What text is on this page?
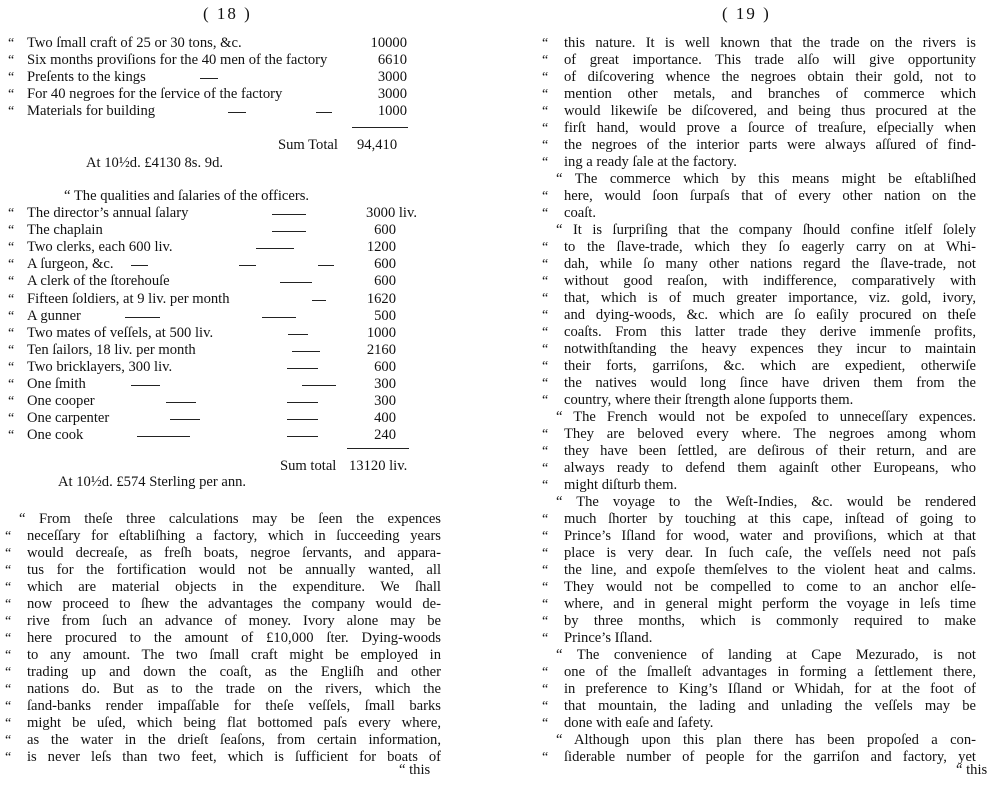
( 18 )
“ Two ſmall craft of 25 or 30 tons, &c.	10000
“ Six months proviſions for the 40 men of the factory	6610
“ Preſents to the kings	3000
“ For 40 negroes for the ſervice of the factory	3000
“ Materials for building	1000
Sum Total 94,410
At 10½d. £4130 8s. 9d.
“ The qualities and ſalaries of the officers.
“ The director’s annual ſalary	3000 liv.
“ The chaplain	600
“ Two clerks, each 600 liv.	1200
“ A ſurgeon, &c.	600
“ A clerk of the ſtorehouſe	600
“ Fifteen ſoldiers, at 9 liv. per month	1620
“ A gunner	500
“ Two mates of veſſels, at 500 liv.	1000
“ Ten ſailors, 18 liv. per month	2160
“ Two bricklayers, 300 liv.	600
“ One ſmith	300
“ One cooper	300
“ One carpenter	400
“ One cook	240
Sum total 13120 liv.
At 10½d. £574 Sterling per ann.
“ From theſe three calculations may be ſeen the expences
“ neceſſary for eſtabliſhing a factory, which in ſucceeding years
“ would decreaſe, as freſh boats, negroe ſervants, and appara-
“ tus for the fortification would not be annually wanted, all
“ which are material objects in the expenditure. We ſhall
“ now proceed to ſhew the advantages the company would de-
“ rive from ſuch an advance of money. Ivory alone may be
“ here procured to the amount of £10,000 ſter. Dying-woods
“ to any amount. The two ſmall craft might be employed in
“ trading up and down the coaſt, as the Engliſh and other
“ nations do. But as to the trade on the rivers, which the
“ ſand-banks render impaſſable for theſe veſſels, ſmall barks
“ might be uſed, which being flat bottomed paſs every where,
“ as the water in the drieſt ſeaſons, from certain information,
“ is never leſs than two feet, which is ſufficient for boats of
“ this
( 19 )
“ this nature. It is well known that the trade on the rivers is
“ of great importance. This trade alſo will give opportunity
“ of diſcovering whence the negroes obtain their gold, not to
“ mention other metals, and branches of commerce which
“ would likewiſe be diſcovered, and being thus procured at the
“ firſt hand, would prove a ſource of treaſure, eſpecially when
“ the negroes of the interior parts were always aſſured of find-
“ ing a ready ſale at the factory.
“ The commerce which by this means might be eſtabliſhed
“ here, would ſoon ſurpaſs that of every other nation on the
“ coaſt.
“ It is ſurpriſing that the company ſhould confine itſelf ſolely
“ to the ſlave-trade, which they ſo eagerly carry on at Whi-
“ dah, while ſo many other nations regard the ſlave-trade, not
“ without good reaſon, with indifference, comparatively with
“ that, which is of much greater importance, viz. gold, ivory,
“ and dying-woods, &c. which are ſo eaſily procured on theſe
“ coaſts. From this latter trade they derive immenſe profits,
“ notwithſtanding the heavy expences they incur to maintain
“ their forts, garriſons, &c. which are expedient, otherwiſe
“ the natives would long ſince have driven them from the
“ country, where their ſtrength alone ſupports them.
“ The French would not be expoſed to unneceſſary expences.
“ They are beloved every where. The negroes among whom
“ they have been ſettled, are deſirous of their return, and are
“ always ready to defend them againſt other Europeans, who
“ might diſturb them.
“ The voyage to the Weſt-Indies, &c. would be rendered
“ much ſhorter by touching at this cape, inſtead of going to
“ Prince’s Iſland for wood, water and proviſions, which at that
“ place is very dear. In ſuch caſe, the veſſels need not paſs
“ the line, and expoſe themſelves to the violent heat and calms.
“ They would not be compelled to come to an anchor elſe-
“ where, and in general might perform the voyage in leſs time
“ by three months, which is commonly required to make
“ Prince’s Iſland.
“ The convenience of landing at Cape Mezurado, is not
“ one of the ſmalleſt advantages in forming a ſettlement there,
“ in preference to King’s Iſland or Whidah, for at the foot of
“ that mountain, the lading and unlading the veſſels may be
“ done with eaſe and ſafety.
“ Although upon this plan there has been propoſed a con-
“ ſiderable number of people for the garriſon and factory, yet
“ this
